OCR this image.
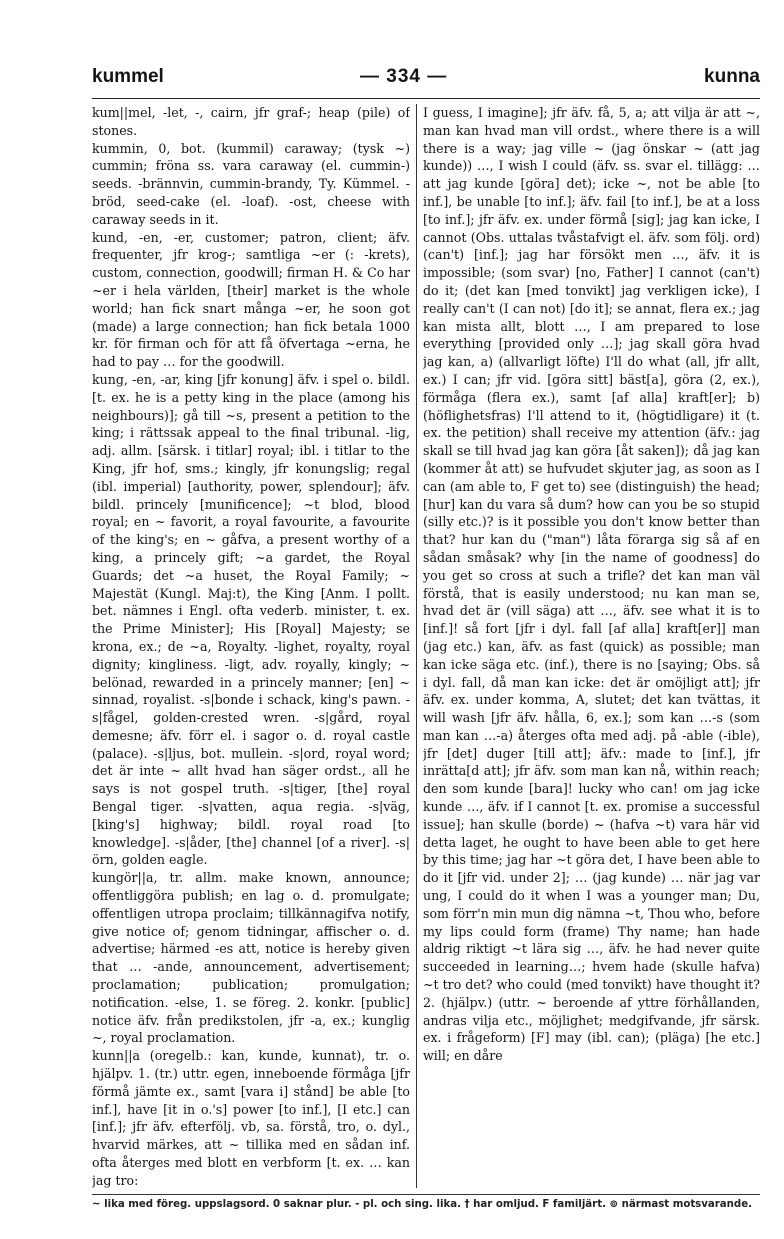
kummel	— 334 —	kunna

kum||mel, -let, -, cairn, jfr graf-; heap (pile) of stones.

kummin, 0, bot. (kummil) caraway; (tysk ~) cummin; fröna ss. vara caraway (el. cummin-) seeds. -brännvin, cummin-brandy, Ty. Kümmel. -bröd, seed-cake (el. -loaf). -ost, cheese with caraway seeds in it.

kund, -en, -er, customer; patron, client; äfv. frequenter, jfr krog-; samtliga ~er (: -krets), custom, connection, goodwill; firman H. & Co har ~er i hela världen, [their] market is the whole world; han fick snart många ~er, he soon got (made) a large connection; han fick betala 1000 kr. för firman och för att få öfvertaga ~erna, he had to pay … for the goodwill.

kung, -en, -ar, king [jfr konung] äfv. i spel o. bildl. [t. ex. he is a petty king in the place (among his neighbours)]; gå till ~s, present a petition to the king; i rättssak appeal to the final tribunal. -lig, adj. allm. [särsk. i titlar] royal; ibl. i titlar to the King, jfr hof, sms.; kingly, jfr konungslig; regal (ibl. imperial) [authority, power, splendour]; äfv. bildl. princely [munificence]; ~t blod, blood royal; en ~ favorit, a royal favourite, a favourite of the king's; en ~ gåfva, a present worthy of a king, a princely gift; ~a gardet, the Royal Guards; det ~a huset, the Royal Family; ~ Majestät (Kungl. Maj:t), the King [Anm. I pollt. bet. nämnes i Engl. ofta vederb. minister, t. ex. the Prime Minister]; His [Royal] Majesty; se krona, ex.; de ~a, Royalty. -lighet, royalty, royal dignity; kingliness. -ligt, adv. royally, kingly; ~ belönad, rewarded in a princely manner; [en] ~ sinnad, royalist. -s|bonde i schack, king's pawn. -s|fågel, golden-crested wren. -s|gård, royal demesne; äfv. förr el. i sagor o. d. royal castle (palace). -s|ljus, bot. mullein. -s|ord, royal word; det är inte ~ allt hvad han säger ordst., all he says is not gospel truth. -s|tiger, [the] royal Bengal tiger. -s|vatten, aqua regia. -s|väg, [king's] highway; bildl. royal road [to knowledge]. -s|åder, [the] channel [of a river]. -s|örn, golden eagle.

kungör||a, tr. allm. make known, announce; offentliggöra publish; en lag o. d. promulgate; offentligen utropa proclaim; tillkännagifva notify, give notice of; genom tidningar, affischer o. d. advertise; härmed -es att, notice is hereby given that … -ande, announcement, advertisement; proclamation; publication; promulgation; notification. -else, 1. se föreg. 2. konkr. [public] notice äfv. från predikstolen, jfr -a, ex.; kunglig ~, royal proclamation.

kunn||a (oregelb.: kan, kunde, kunnat), tr. o. hjälpv. 1. (tr.) uttr. egen, inneboende förmåga [jfr förmå jämte ex., samt [vara i] stånd] be able [to inf.], have [it in o.'s] power [to inf.], [I etc.] can [inf.]; jfr äfv. efterfölj. vb, sa. förstå, tro, o. dyl., hvarvid märkes, att ~ tillika med en sådan inf. ofta återges med blott en verbform [t. ex. … kan jag tro:

I guess, I imagine]; jfr äfv. få, 5, a; att vilja är att ~, man kan hvad man vill ordst., where there is a will there is a way; jag ville ~ (jag önskar ~ (att jag kunde)) …, I wish I could (äfv. ss. svar el. tillägg: … att jag kunde [göra] det); icke ~, not be able [to inf.], be unable [to inf.]; äfv. fail [to inf.], be at a loss [to inf.]; jfr äfv. ex. under förmå [sig]; jag kan icke, I cannot (Obs. uttalas tvåstafvigt el. äfv. som följ. ord) (can't) [inf.]; jag har försökt men …, äfv. it is impossible; (som svar) [no, Father] I cannot (can't) do it; (det kan [med tonvikt] jag verkligen icke), I really can't (I can not) [do it]; se annat, flera ex.; jag kan mista allt, blott …, I am prepared to lose everything [provided only …]; jag skall göra hvad jag kan, a) (allvarligt löfte) I'll do what (all, jfr allt, ex.) I can; jfr vid. [göra sitt] bäst[a], göra (2, ex.), förmåga (flera ex.), samt [af alla] kraft[er]; b) (höflighetsfras) I'll attend to it, (högtidligare) it (t. ex. the petition) shall receive my attention (äfv.: jag skall se till hvad jag kan göra [åt saken]); då jag kan (kommer åt att) se hufvudet skjuter jag, as soon as I can (am able to, F get to) see (distinguish) the head; [hur] kan du vara så dum? how can you be so stupid (silly etc.)? is it possible you don't know better than that? hur kan du ("man") låta förarga sig så af en sådan småsak? why [in the name of goodness] do you get so cross at such a trifle? det kan man väl förstå, that is easily understood; nu kan man se, hvad det är (vill säga) att …, äfv. see what it is to [inf.]! så fort [jfr i dyl. fall [af alla] kraft[er]] man (jag etc.) kan, äfv. as fast (quick) as possible; man kan icke säga etc. (inf.), there is no [saying; Obs. så i dyl. fall, då man kan icke: det är omöjligt att]; jfr äfv. ex. under komma, A, slutet; det kan tvättas, it will wash [jfr äfv. hålla, 6, ex.]; som kan …-s (som man kan …-a) återges ofta med adj. på -able (-ible), jfr [det] duger [till att]; äfv.: made to [inf.], jfr inrätta[d att]; jfr äfv. som man kan nå, within reach; den som kunde [bara]! lucky who can! om jag icke kunde …, äfv. if I cannot [t. ex. promise a successful issue]; han skulle (borde) ~ (hafva ~t) vara här vid detta laget, he ought to have been able to get here by this time; jag har ~t göra det, I have been able to do it [jfr vid. under 2]; … (jag kunde) … när jag var ung, I could do it when I was a younger man; Du, som förr'n min mun dig nämna ~t, Thou who, before my lips could form (frame) Thy name; han hade aldrig riktigt ~t lära sig …, äfv. he had never quite succeeded in learning…; hvem hade (skulle hafva) ~t tro det? who could (med tonvikt) have thought it? 2. (hjälpv.) (uttr. ~ beroende af yttre förhållanden, andras vilja etc., möjlighet; medgifvande, jfr särsk. ex. i frågeform) [F] may (ibl. can); (pläga) [he etc.] will; en dåre

~ lika med föreg. uppslagsord. 0 saknar plur. - pl. och sing. lika. † har omljud. F familjärt. ⊚ närmast motsvarande.
